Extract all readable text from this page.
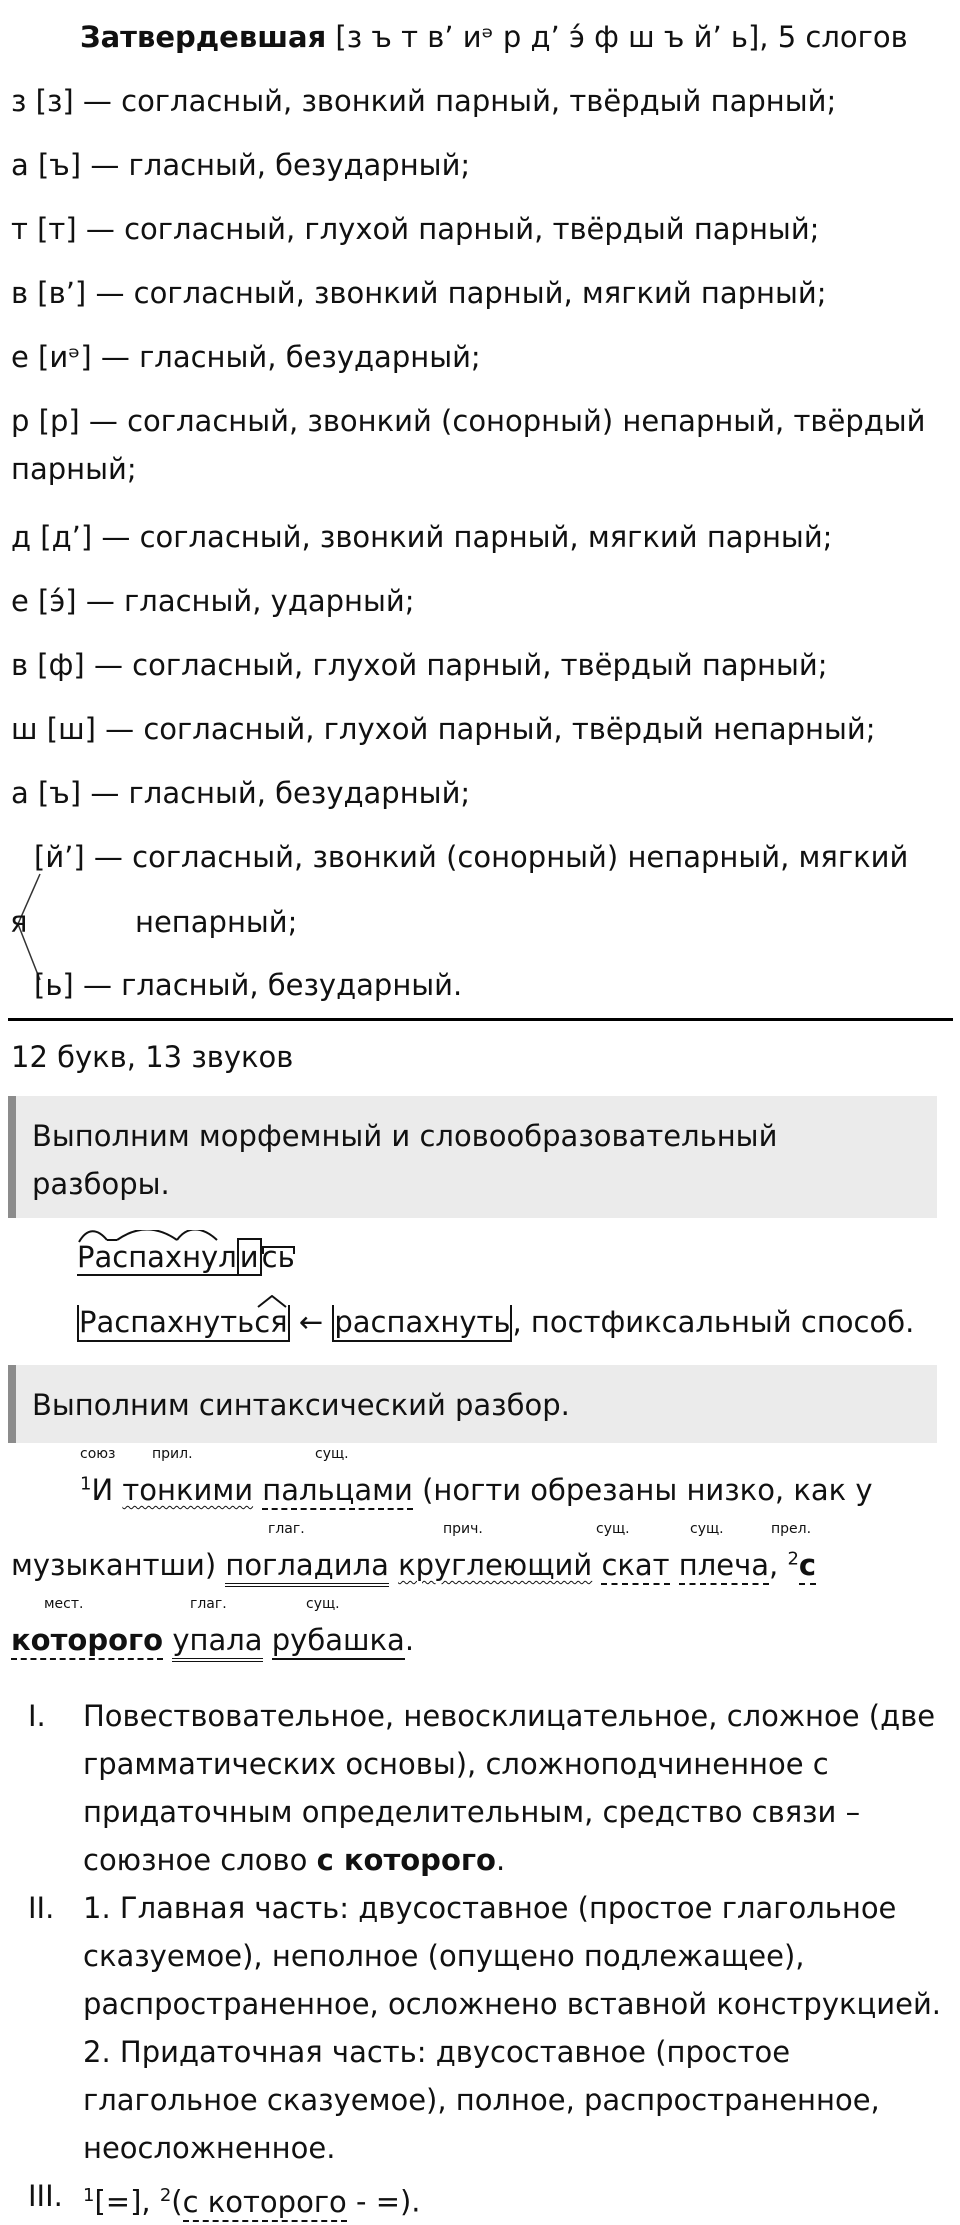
Затвердевшая [з ъ т в’ иᵊ р д’ э́ ф ш ъ й’ ь], 5 слогов
з [з] — согласный, звонкий парный, твёрдый парный;
а [ъ] — гласный, безударный;
т [т] — согласный, глухой парный, твёрдый парный;
в [в’] — согласный, звонкий парный, мягкий парный;
е [иᵊ] — гласный, безударный;
р [р] — согласный, звонкий (сонорный) непарный, твёрдый
парный;
д [д’] — согласный, звонкий парный, мягкий парный;
е [э́] — гласный, ударный;
в [ф] — согласный, глухой парный, твёрдый парный;
ш [ш] — согласный, глухой парный, твёрдый непарный;
а [ъ] — гласный, безударный;
я
[й’] — согласный, звонкий (сонорный) непарный, мягкий
непарный;
[ь] — гласный, безударный.
12 букв, 13 звуков
Выполним морфемный и словообразовательный
разборы.
Распахнул и сь
Распахнуть
ся ← распахнуть, постфиксальный способ.
Выполним синтаксический разбор.
союз	прил.	сущ.
$^1$И тонкими пальцами (ногти обрезаны низко, как у
глаг.	прич.	сущ.	сущ.	прел.
музыкантши) погладила круглеющий скат плеча, $^2$с
мест.	глаг.	сущ.
которого упала рубашка.
I. Повествовательное, невосклицательное, сложное (две
грамматических основы), сложноподчиненное с
придаточным определительным, средство связи –
союзное слово с которого.
II. 1. Главная часть: двусоставное (простое глагольное
сказуемое), неполное (опущено подлежащее),
распространенное, осложнено вставной конструкцией.
2. Придаточная часть: двусоставное (простое
глагольное сказуемое), полное, распространенное,
неосложненное.
III. $^1$[=], $^2$(с которого - =).
